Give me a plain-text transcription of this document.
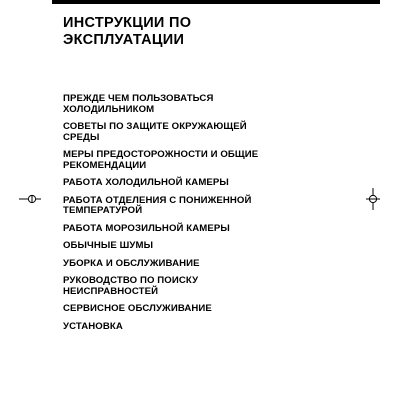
ИНСТРУКЦИИ ПО
ЭКСПЛУАТАЦИИ
ПРЕЖДЕ ЧЕМ ПОЛЬЗОВАТЬСЯ
ХОЛОДИЛЬНИКОМ
СОВЕТЫ ПО ЗАЩИТЕ ОКРУЖАЮЩЕЙ
СРЕДЫ
МЕРЫ ПРЕДОСТОРОЖНОСТИ И ОБЩИЕ
РЕКОМЕНДАЦИИ
РАБОТА ХОЛОДИЛЬНОЙ КАМЕРЫ
РАБОТА ОТДЕЛЕНИЯ С ПОНИЖЕННОЙ
ТЕМПЕРАТУРОЙ
РАБОТА МОРОЗИЛЬНОЙ КАМЕРЫ
ОБЫЧНЫЕ ШУМЫ
УБОРКА И ОБСЛУЖИВАНИЕ
РУКОВОДСТВО ПО ПОИСКУ
НЕИСПРАВНОСТЕЙ
СЕРВИСНОЕ ОБСЛУЖИВАНИЕ
УСТАНОВКА
